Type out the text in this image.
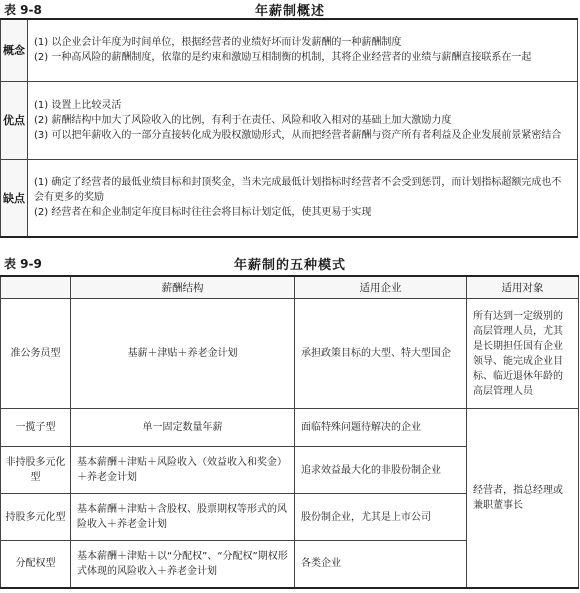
表 9-8	年薪制概述
概念	(1) 以企业会计年度为时间单位，根据经营者的业绩好坏而计发薪酬的一种薪酬制度
(2) 一种高风险的薪酬制度，依靠的是约束和激励互相制衡的机制，其将企业经营者的业绩与薪酬直接联系在一起

优点	(1) 设置上比较灵活
(2) 薪酬结构中加大了风险收入的比例，有利于在责任、风险和收入相对的基础上加大激励力度
(3) 可以把年薪收入的一部分直接转化成为股权激励形式，从而把经营者薪酬与资产所有者利益及企业发展前景紧密结合

缺点	(1) 确定了经营者的最低业绩目标和封顶奖金，当未完成最低计划指标时经营者不会受到惩罚，而计划指标超额完成也不会有更多的奖励
(2) 经营者在和企业制定年度目标时往往会将目标计划定低，使其更易于实现
表 9-9	年薪制的五种模式
	薪酬结构	适用企业	适用对象
准公务员型	基薪＋津贴＋养老金计划	承担政策目标的大型、特大型国企	所有达到一定级别的高层管理人员，尤其是长期担任国有企业领导、能完成企业目标、临近退休年龄的高层管理人员
一揽子型	单一固定数量年薪	面临特殊问题待解决的企业	经营者，指总经理或兼职董事长
非持股多元化型	基本薪酬＋津贴＋风险收入（效益收入和奖金）＋养老金计划	追求效益最大化的非股份制企业	
持股多元化型	基本薪酬＋津贴＋含股权、股票期权等形式的风险收入＋养老金计划	股份制企业，尤其是上市公司	
分配权型	基本薪酬＋津贴＋以“分配权”、“分配权”期权形式体现的风险收入＋养老金计划	各类企业	
